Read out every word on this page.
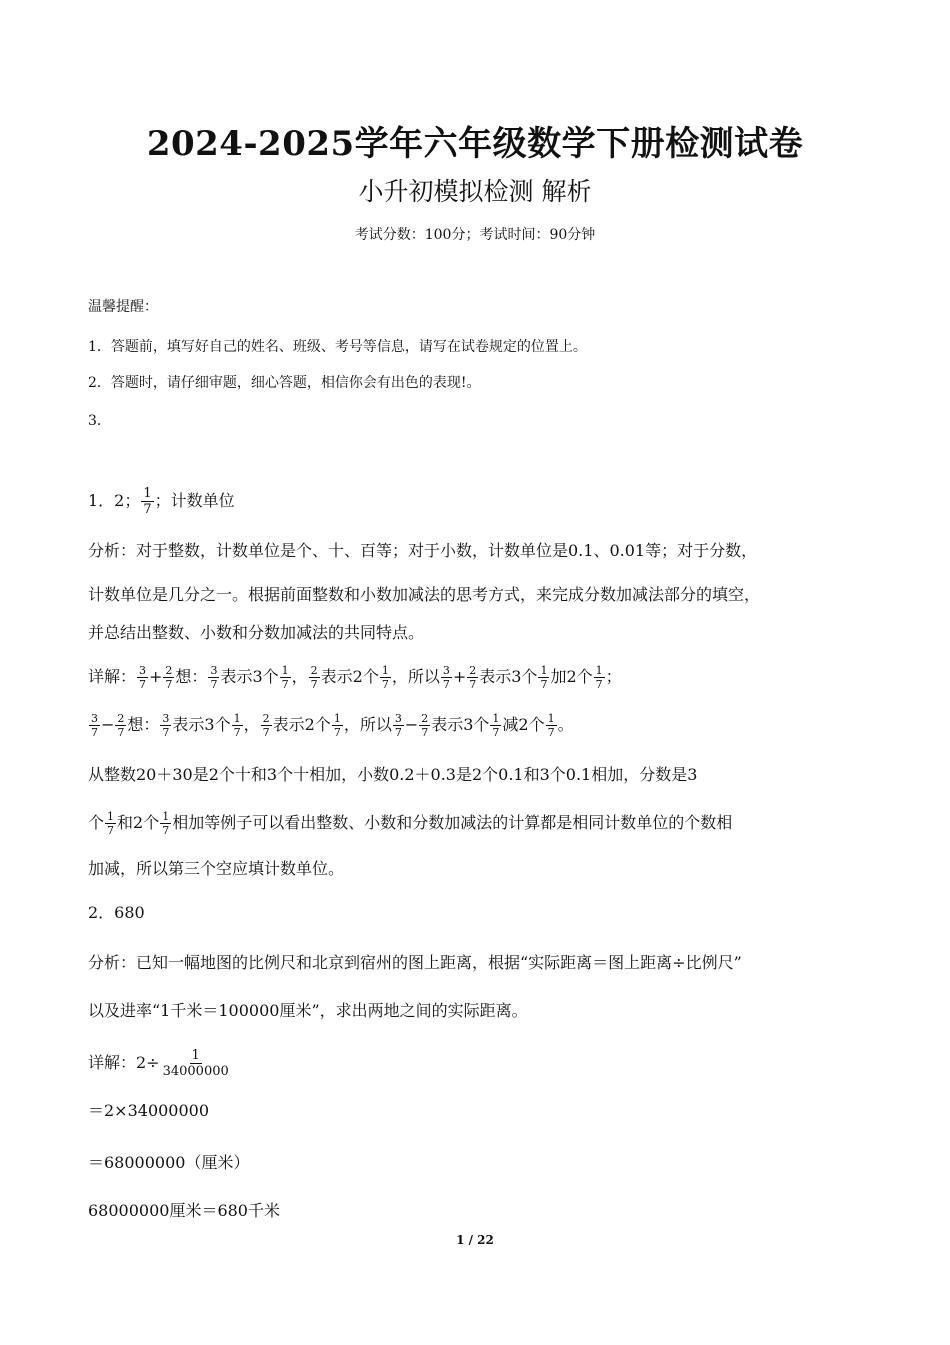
2024-2025学年六年级数学下册检测试卷
小升初模拟检测 解析
考试分数：100分；考试时间：90分钟
温馨提醒：
1．答题前，填写好自己的姓名、班级、考号等信息，请写在试卷规定的位置上。
2．答题时，请仔细审题，细心答题，相信你会有出色的表现!。
3．
1．2； $\frac{1}{7}$ ；计数单位
分析：对于整数，计数单位是个、十、百等；对于小数，计数单位是0.1、0.01等；对于分数，
计数单位是几分之一。根据前面整数和小数加减法的思考方式，来完成分数加减法部分的填空，
并总结出整数、小数和分数加减法的共同特点。
详解： $\frac{3}{7} + \frac{2}{7}$ 想： $\frac{3}{7}$ 表示3个 $\frac{1}{7}$ ， $\frac{2}{7}$ 表示2个 $\frac{1}{7}$ ，所以 $\frac{3}{7} + \frac{2}{7}$ 表示3个 $\frac{1}{7}$ 加2个 $\frac{1}{7}$ ；
$\frac{3}{7} - \frac{2}{7}$ 想： $\frac{3}{7}$ 表示3个 $\frac{1}{7}$ ， $\frac{2}{7}$ 表示2个 $\frac{1}{7}$ ，所以 $\frac{3}{7} - \frac{2}{7}$ 表示3个 $\frac{1}{7}$ 减2个 $\frac{1}{7}$ 。
从整数20＋30是2个十和3个十相加，小数0.2＋0.3是2个0.1和3个0.1相加，分数是3
个 $\frac{1}{7}$ 和2个 $\frac{1}{7}$ 相加等例子可以看出整数、小数和分数加减法的计算都是相同计数单位的个数相
加减，所以第三个空应填计数单位。
2．680
分析：已知一幅地图的比例尺和北京到宿州的图上距离，根据“实际距离＝图上距离÷比例尺”
以及进率“1千米＝100000厘米”，求出两地之间的实际距离。
详解：$2\div \frac{1}{34000000}$
＝2×34000000
＝68000000（厘米）
68000000厘米＝680千米
1 / 22
